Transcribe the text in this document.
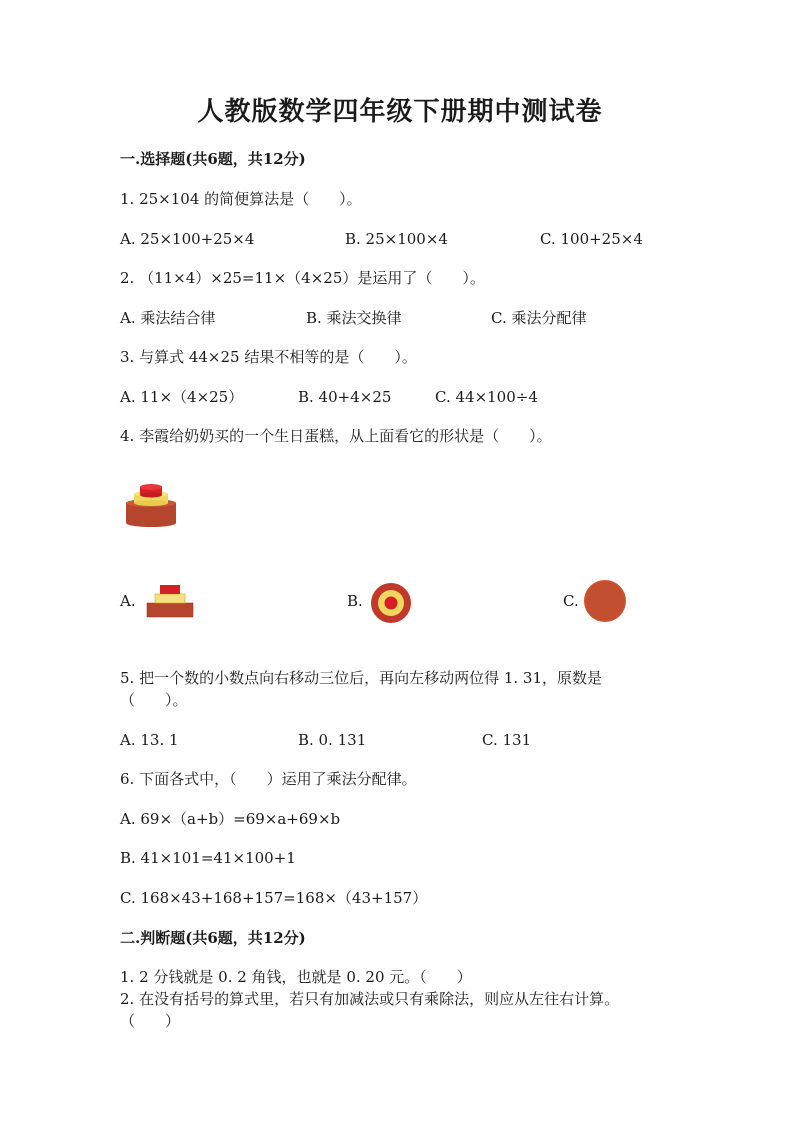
人教版数学四年级下册期中测试卷
一.选择题(共6题，共12分)
1. 25×104 的简便算法是（　　）。
A. 25×100+25×4	B. 25×100×4	C. 100+25×4
2. （11×4）×25=11×（4×25）是运用了（　　）。
A. 乘法结合律	B. 乘法交换律	C. 乘法分配律
3. 与算式 44×25 结果不相等的是（　　）。
A. 11×（4×25）	B. 40+4×25	C. 44×100÷4
4. 李霞给奶奶买的一个生日蛋糕，从上面看它的形状是（　　）。
A.	B.	C.
5. 把一个数的小数点向右移动三位后，再向左移动两位得 1. 31，原数是
（　　）。
A. 13. 1	B. 0. 131	C. 131
6. 下面各式中，（　　）运用了乘法分配律。
A. 69×（a+b）=69×a+69×b
B. 41×101=41×100+1
C. 168×43+168+157=168×（43+157）
二.判断题(共6题，共12分)
1. 2 分钱就是 0. 2 角钱，也就是 0. 20 元。（　　）
2. 在没有括号的算式里，若只有加减法或只有乘除法，则应从左往右计算。
（　　）
